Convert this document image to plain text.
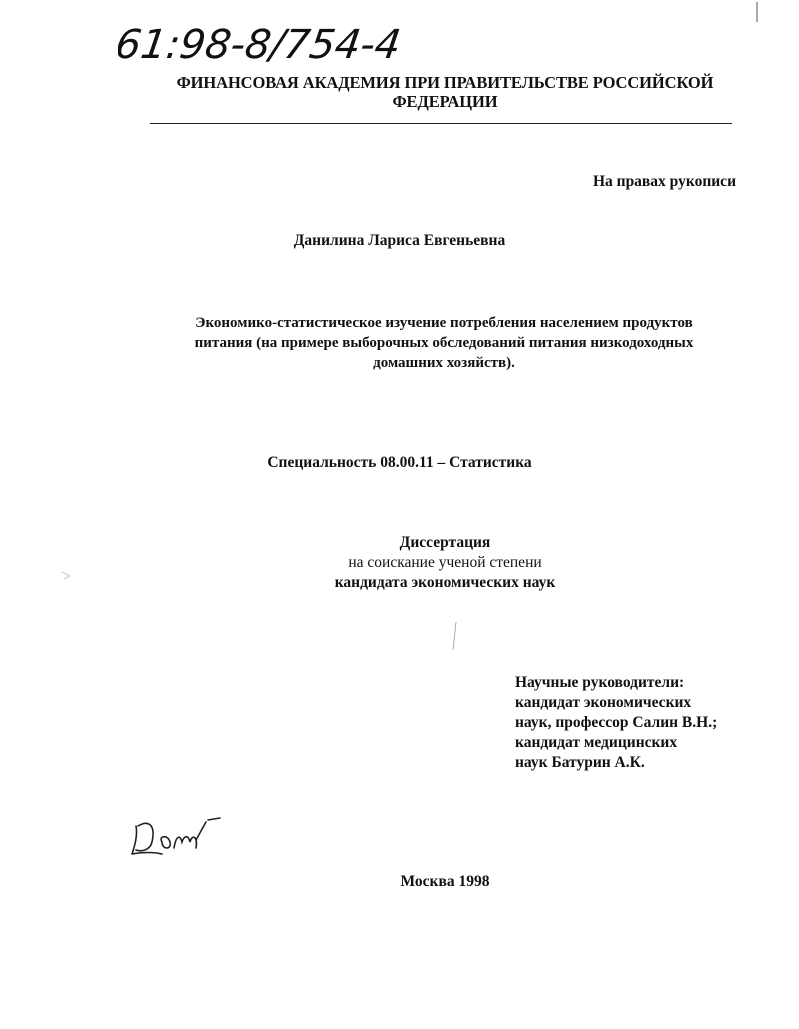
61:98-8/754-4
ФИНАНСОВАЯ АКАДЕМИЯ ПРИ ПРАВИТЕЛЬСТВЕ РОССИЙСКОЙ ФЕДЕРАЦИИ
На правах рукописи
Данилина Лариса Евгеньевна
Экономико-статистическое изучение потребления населением продуктов
питания (на примере выборочных обследований питания низкодоходных
домашних хозяйств).
Специальность 08.00.11 – Статистика
Диссертация
на соискание ученой степени
кандидата экономических наук
Научные руководители:
кандидат экономических
наук, профессор Салин В.Н.;
кандидат медицинских
наук Батурин А.К.
Москва 1998
